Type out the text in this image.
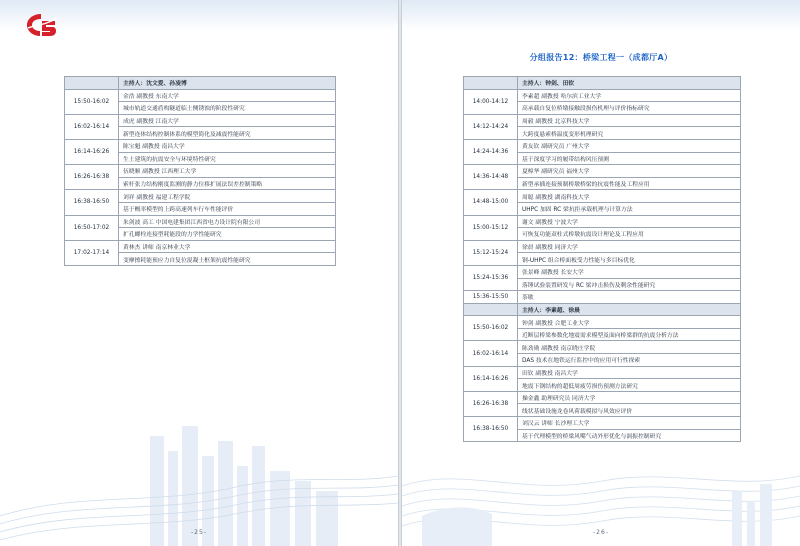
	主持人：沈文爱、孙凌博
15:50-16:02	金浩 副教授 东南大学
	城市轨道交通盾构隧道临土侧锈蚀的阶段性研究
16:02-16:14	成虎 副教授 江南大学
	新型连体结构控制体系的模型简化及减震性能研究
16:14-16:26	陈宝魁 副教授 南昌大学
	生土建筑的抗震安全与环境特性研究
16:26-16:38	伍晓顺 副教授 江西理工大学
	索杆张力结构刚度监测的静力位移扩展法误差控制策略
16:38-16:50	刘祥 副教授 福建工程学院
	基于概率模型的上跨高速列车行车性能评价
16:50-17:02	朱剑波 高工 中国电建集团江西省电力设计院有限公司
	扩孔螺栓连接型耗能段的力学性能研究
17:02-17:14	黄林杰 讲师 南京林业大学
	变摩擦耗能预应力自复位混凝土框架抗震性能研究
-25-
分组报告12：桥梁工程一（成都厅A）
	主持人：钟剑、田钦
14:00-14:12	李素超 副教授 哈尔滨工业大学
	高承载自复位桥墩接触段损伤机理与评价指标研究
14:12-14:24	周毅 副教授 北京科技大学
	大跨度悬索桥温度变形机理研究
14:24-14:36	黄友钦 副研究员 广州大学
	基于深度学习的履带结构风压预测
14:36-14:48	夏樟华 副研究员 福州大学
	新型承插连接预制桥墩桥梁的抗震性能及工程应用
14:48-15:00	周聪 副教授 湖南科技大学
	UHPC 加固 RC 梁抗拒承载机理与计算方法
15:00-15:12	谢文 副教授 宁波大学
	可恢复功能双柱式桥墩抗震设计理论及工程应用
15:12-15:24	徐晨 副教授 同济大学
	钢-UHPC 组合桥面板受力性能与多目标优化
15:24-15:36	张景峰 副教授 长安大学
	落锤试验装置研发与 RC 梁冲击损伤及剩余性能研究
15:36-15:50	茶歇
	主持人：李素超、徐晨
15:50-16:02	钟剑 副教授 合肥工业大学
	近断层桥梁参数化地震需求模型及面向桥梁群的抗震分析方法
16:02-16:14	陈劲勋 副教授 南京晓庄学院
	DAS 技术在地铁运行监控中的应用可行性探索
16:14-16:26	田钦 副教授 南昌大学
	地震下钢结构的超低周疲劳损伤预测方法研究
16:26-16:38	操金鑫 助理研究员 同济大学
	线状基础设施龙卷风荷载模拟与风效应评价
16:38-16:50	刘汉云 讲师 长沙理工大学
	基于代理模型的桥梁风嘴气动外形优化与涡振控制研究
-26-
